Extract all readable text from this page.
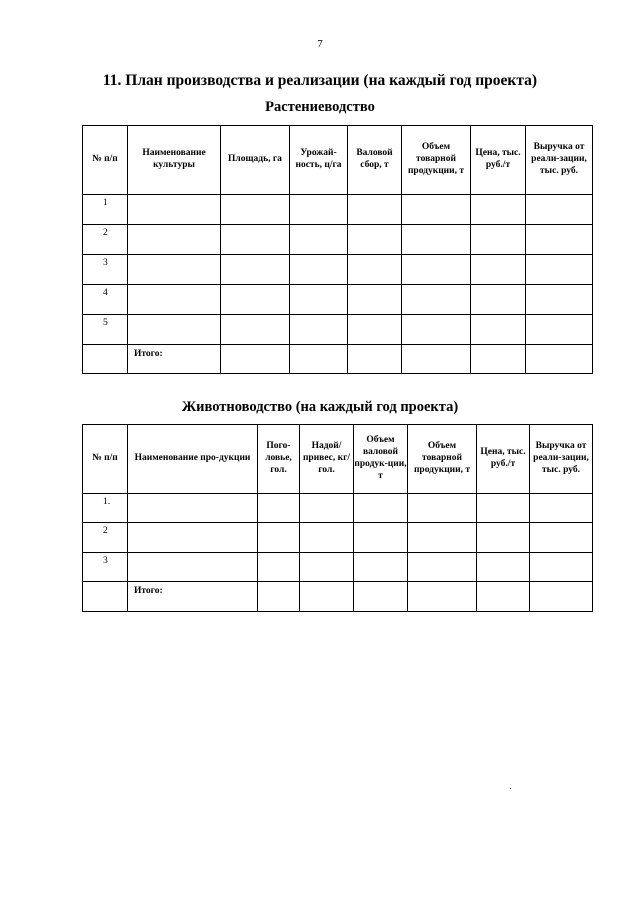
7
11. План производства и реализации (на каждый год проекта)
Растениеводство
№ п/п	Наименование культуры	Площадь, га	Урожай-ность, ц/га	Валовой сбор, т	Объем товарной продукции, т	Цена, тыс. руб./т	Выручка от реали-зации, тыс. руб.
1							
2							
3							
4							
5							
	Итого:						
Животноводство (на каждый год проекта)
№ п/п	Наименование про-дукции	Пого-ловье, гол.	Надой/ привес, кг/гол.	Объем валовой продук-ции, т	Объем товарной продукции, т	Цена, тыс. руб./т	Выручка от реали-зации, тыс. руб.
1.							
2							
3							
	Итого:						
